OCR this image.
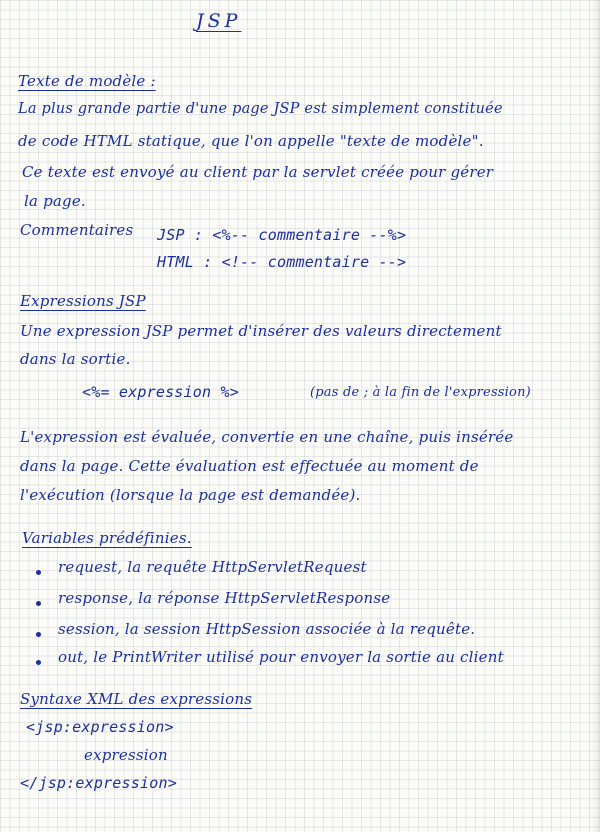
JSP
Texte de modèle :
La plus grande partie d'une page JSP est simplement constituée
de code HTML statique, que l'on appelle "texte de modèle".
Ce texte est envoyé au client par la servlet créée pour gérer
la page.
Commentaires JSP : <%-- commentaire --%>
HTML : <!-- commentaire -->
Expressions JSP
Une expression JSP permet d'insérer des valeurs directement
dans la sortie.
<%= expression %>	(pas de ; à la fin de l'expression)
L'expression est évaluée, convertie en une chaîne, puis insérée
dans la page. Cette évaluation est effectuée au moment de
l'exécution (lorsque la page est demandée).
Variables prédéfinies.
request, la requête HttpServletRequest
response, la réponse HttpServletResponse
session, la session HttpSession associée à la requête.
out, le PrintWriter utilisé pour envoyer la sortie au client
Syntaxe XML des expressions
<jsp:expression>
expression
</jsp:expression>
